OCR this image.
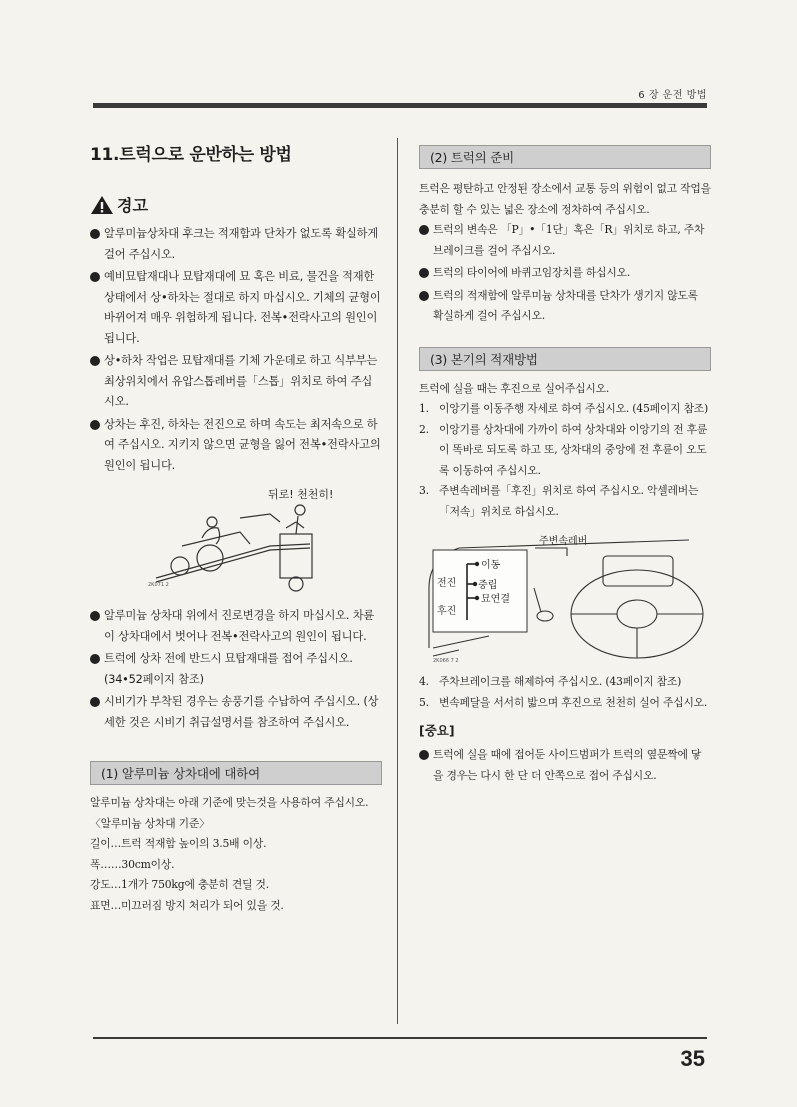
6 장 운전 방법
11.트럭으로 운반하는 방법
경고
알루미늄상차대 후크는 적재함과 단차가 없도록 확실하게 걸어 주십시오.
예비묘탑재대나 묘탑재대에 묘 혹은 비료, 물건을 적재한 상태에서 상•하차는 절대로 하지 마십시오. 기체의 균형이 바뀌어져 매우 위험하게 됩니다. 전복•전락사고의 원인이 됩니다.
상•하차 작업은 묘탑재대를 기체 가운데로 하고 식부부는 최상위치에서 유압스톱레버를「스톱」위치로 하여 주십시오.
상차는 후진, 하차는 전진으로 하며 속도는 최저속으로 하여 주십시오. 지키지 않으면 균형을 잃어 전복•전락사고의 원인이 됩니다.
뒤로! 천천히!
2K071 2
알루미늄 상차대 위에서 진로변경을 하지 마십시오. 차륜이 상차대에서 벗어나 전복•전락사고의 원인이 됩니다.
트럭에 상차 전에 반드시 묘탑재대를 접어 주십시오. (34•52페이지 참조)
시비기가 부착된 경우는 송풍기를 수납하여 주십시오. (상세한 것은 시비기 취급설명서를 참조하여 주십시오.
(1) 알루미늄 상차대에 대하여

알루미늄 상차대는 아래 기준에 맞는것을 사용하여 주십시오.

〈알루미늄 상차대 기준〉

길이…트럭 적재함 높이의 3.5배 이상.

폭……30cm이상.

강도…1개가 750kg에 충분히 견딜 것.

표면…미끄러짐 방지 처리가 되어 있을 것.

(2) 트럭의 준비

트럭은 평탄하고 안정된 장소에서 교통 등의 위험이 없고 작업을 충분히 할 수 있는 넓은 장소에 정차하여 주십시오.

트럭의 변속은 「P」•「1단」혹은「R」위치로 하고, 주차브레이크를 걸어 주십시오.
트럭의 타이어에 바퀴고임장치를 하십시오.
트럭의 적재함에 알루미늄 상차대를 단차가 생기지 않도록 확실하게 걸어 주십시오.
(3) 본기의 적재방법

트럭에 실을 때는 후진으로 실어주십시오.

1. 이앙기를 이동주행 자세로 하여 주십시오. (45페이지 참조)
2. 이앙기를 상차대에 가까이 하여 상차대와 이앙기의 전 후륜이 똑바로 되도록 하고 또, 상차대의 중앙에 전 후륜이 오도록 이동하여 주십시오.
3. 주변속레버를「후진」위치로 하여 주십시오. 악셀레버는「저속」위치로 하십시오.
이동
중립
묘연결
전진
후진
주변속레버
2K066 7 2
4. 주차브레이크를 해제하여 주십시오. (43페이지 참조)
5. 변속페달을 서서히 밟으며 후진으로 천천히 실어 주십시오.
[중요]
트럭에 실을 때에 접어둔 사이드범퍼가 트럭의 옆문짝에 닿을 경우는 다시 한 단 더 안쪽으로 접어 주십시오.
35
